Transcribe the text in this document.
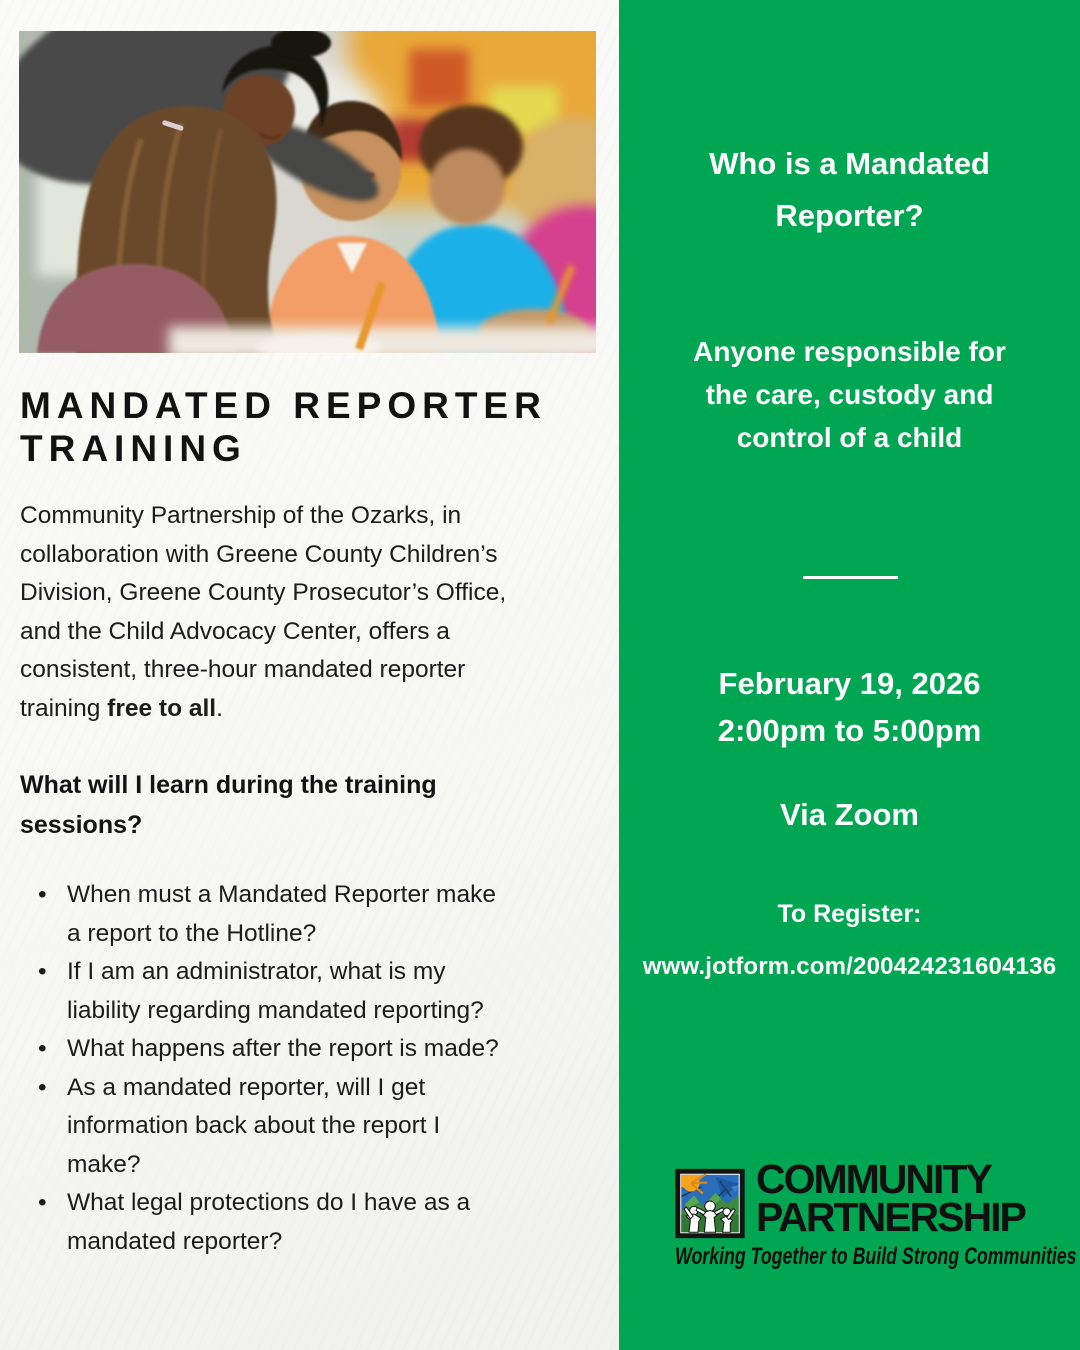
MANDATED REPORTER TRAINING

Community Partnership of the Ozarks, in collaboration with Greene County Children’s Division, Greene County Prosecutor’s Office, and the Child Advocacy Center, offers a consistent, three-hour mandated reporter training free to all.

What will I learn during the training sessions?
• When must a Mandated Reporter make a report to the Hotline?
• If I am an administrator, what is my liability regarding mandated reporting?
• What happens after the report is made?
• As a mandated reporter, will I get information back about the report I make?
• What legal protections do I have as a mandated reporter?
Who is a Mandated Reporter?

Anyone responsible for the care, custody and control of a child

February 19, 2026
2:00pm to 5:00pm
Via Zoom
To Register:
www.jotform.com/200424231604136
COMMUNITY
PARTNERSHIP
Working Together to Build Strong Communities
